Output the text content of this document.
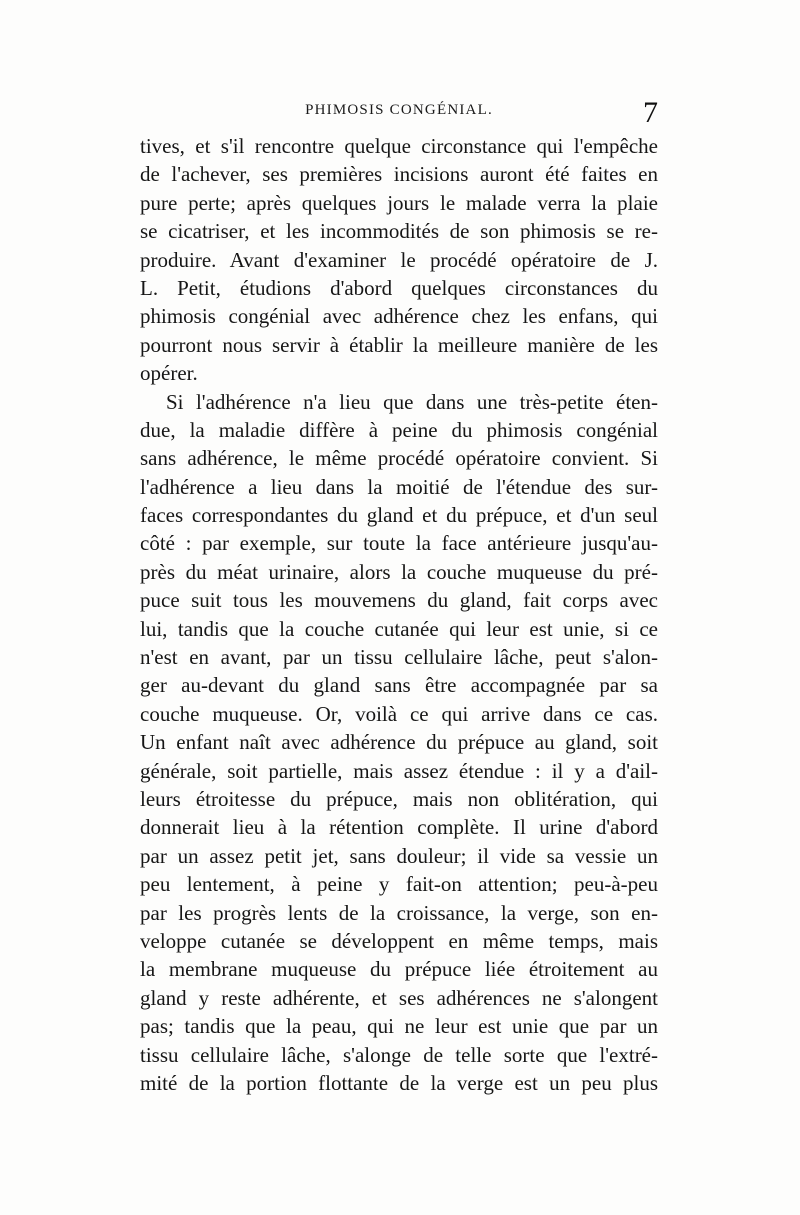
PHIMOSIS CONGÉNIAL.	7
tives, et s'il rencontre quelque circonstance qui l'empêche
de l'achever, ses premières incisions auront été faites en
pure perte; après quelques jours le malade verra la plaie
se cicatriser, et les incommodités de son phimosis se re-
produire. Avant d'examiner le procédé opératoire de J.
L. Petit, étudions d'abord quelques circonstances du
phimosis congénial avec adhérence chez les enfans, qui
pourront nous servir à établir la meilleure manière de les
opérer.
Si l'adhérence n'a lieu que dans une très-petite éten-
due, la maladie diffère à peine du phimosis congénial
sans adhérence, le même procédé opératoire convient. Si
l'adhérence a lieu dans la moitié de l'étendue des sur-
faces correspondantes du gland et du prépuce, et d'un seul
côté : par exemple, sur toute la face antérieure jusqu'au-
près du méat urinaire, alors la couche muqueuse du pré-
puce suit tous les mouvemens du gland, fait corps avec
lui, tandis que la couche cutanée qui leur est unie, si ce
n'est en avant, par un tissu cellulaire lâche, peut s'alon-
ger au-devant du gland sans être accompagnée par sa
couche muqueuse. Or, voilà ce qui arrive dans ce cas.
Un enfant naît avec adhérence du prépuce au gland, soit
générale, soit partielle, mais assez étendue : il y a d'ail-
leurs étroitesse du prépuce, mais non oblitération, qui
donnerait lieu à la rétention complète. Il urine d'abord
par un assez petit jet, sans douleur; il vide sa vessie un
peu lentement, à peine y fait-on attention; peu-à-peu
par les progrès lents de la croissance, la verge, son en-
veloppe cutanée se développent en même temps, mais
la membrane muqueuse du prépuce liée étroitement au
gland y reste adhérente, et ses adhérences ne s'alongent
pas; tandis que la peau, qui ne leur est unie que par un
tissu cellulaire lâche, s'alonge de telle sorte que l'extré-
mité de la portion flottante de la verge est un peu plus
